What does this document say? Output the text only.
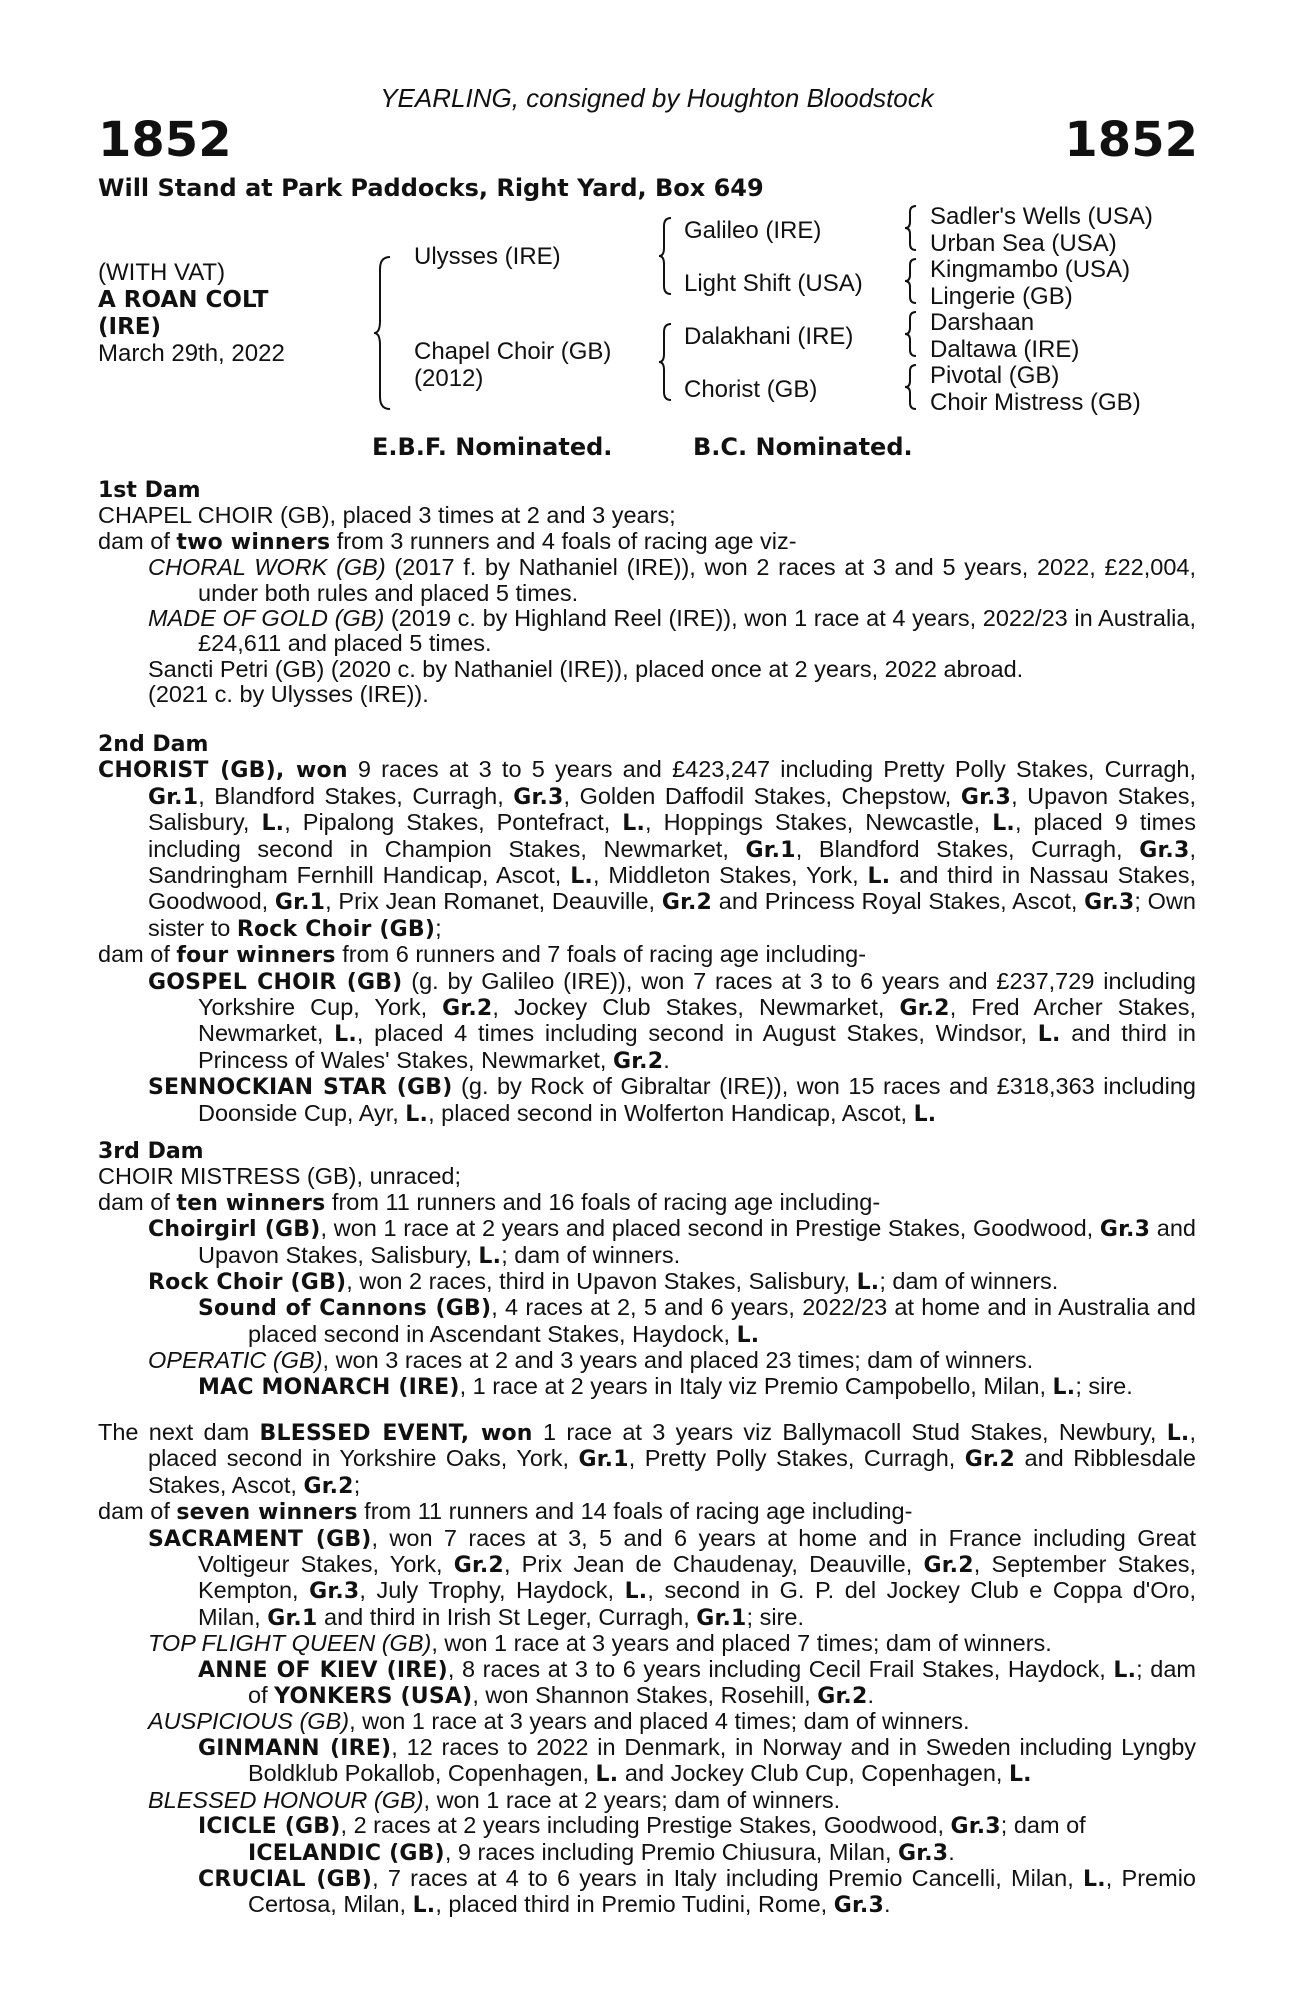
YEARLING, consigned by Houghton Bloodstock
1852	1852
Will Stand at Park Paddocks, Right Yard, Box 649
(WITH VAT)
A ROAN COLT
(IRE)
March 29th, 2022
Ulysses (IRE)
Chapel Choir (GB)
(2012)
Galileo (IRE)
Light Shift (USA)
Dalakhani (IRE)
Chorist (GB)
Sadler's Wells (USA)
Urban Sea (USA)
Kingmambo (USA)
Lingerie (GB)
Darshaan
Daltawa (IRE)
Pivotal (GB)
Choir Mistress (GB)
E.B.F. Nominated.	B.C. Nominated.
1st Dam

CHAPEL CHOIR (GB), placed 3 times at 2 and 3 years;

dam of two winners from 3 runners and 4 foals of racing age viz-

CHORAL WORK (GB) (2017 f. by Nathaniel (IRE)), won 2 races at 3 and 5 years, 2022, £22,004, under both rules and placed 5 times.

MADE OF GOLD (GB) (2019 c. by Highland Reel (IRE)), won 1 race at 4 years, 2022/23 in Australia, £24,611 and placed 5 times.

Sancti Petri (GB) (2020 c. by Nathaniel (IRE)), placed once at 2 years, 2022 abroad.

(2021 c. by Ulysses (IRE)).

2nd Dam

CHORIST (GB), won 9 races at 3 to 5 years and £423,247 including Pretty Polly Stakes, Curragh, Gr.1, Blandford Stakes, Curragh, Gr.3, Golden Daffodil Stakes, Chepstow, Gr.3, Upavon Stakes, Salisbury, L., Pipalong Stakes, Pontefract, L., Hoppings Stakes, Newcastle, L., placed 9 times including second in Champion Stakes, Newmarket, Gr.1, Blandford Stakes, Curragh, Gr.3, Sandringham Fernhill Handicap, Ascot, L., Middleton Stakes, York, L. and third in Nassau Stakes, Goodwood, Gr.1, Prix Jean Romanet, Deauville, Gr.2 and Princess Royal Stakes, Ascot, Gr.3; Own sister to Rock Choir (GB);

dam of four winners from 6 runners and 7 foals of racing age including-

GOSPEL CHOIR (GB) (g. by Galileo (IRE)), won 7 races at 3 to 6 years and £237,729 including Yorkshire Cup, York, Gr.2, Jockey Club Stakes, Newmarket, Gr.2, Fred Archer Stakes, Newmarket, L., placed 4 times including second in August Stakes, Windsor, L. and third in Princess of Wales' Stakes, Newmarket, Gr.2.

SENNOCKIAN STAR (GB) (g. by Rock of Gibraltar (IRE)), won 15 races and £318,363 including Doonside Cup, Ayr, L., placed second in Wolferton Handicap, Ascot, L.

3rd Dam

CHOIR MISTRESS (GB), unraced;

dam of ten winners from 11 runners and 16 foals of racing age including-

Choirgirl (GB), won 1 race at 2 years and placed second in Prestige Stakes, Goodwood, Gr.3 and Upavon Stakes, Salisbury, L.; dam of winners.

Rock Choir (GB), won 2 races, third in Upavon Stakes, Salisbury, L.; dam of winners.

Sound of Cannons (GB), 4 races at 2, 5 and 6 years, 2022/23 at home and in Australia and placed second in Ascendant Stakes, Haydock, L.

OPERATIC (GB), won 3 races at 2 and 3 years and placed 23 times; dam of winners.

MAC MONARCH (IRE), 1 race at 2 years in Italy viz Premio Campobello, Milan, L.; sire.

The next dam BLESSED EVENT, won 1 race at 3 years viz Ballymacoll Stud Stakes, Newbury, L., placed second in Yorkshire Oaks, York, Gr.1, Pretty Polly Stakes, Curragh, Gr.2 and Ribblesdale Stakes, Ascot, Gr.2;

dam of seven winners from 11 runners and 14 foals of racing age including-

SACRAMENT (GB), won 7 races at 3, 5 and 6 years at home and in France including Great Voltigeur Stakes, York, Gr.2, Prix Jean de Chaudenay, Deauville, Gr.2, September Stakes, Kempton, Gr.3, July Trophy, Haydock, L., second in G. P. del Jockey Club e Coppa d'Oro, Milan, Gr.1 and third in Irish St Leger, Curragh, Gr.1; sire.

TOP FLIGHT QUEEN (GB), won 1 race at 3 years and placed 7 times; dam of winners.

ANNE OF KIEV (IRE), 8 races at 3 to 6 years including Cecil Frail Stakes, Haydock, L.; dam of YONKERS (USA), won Shannon Stakes, Rosehill, Gr.2.

AUSPICIOUS (GB), won 1 race at 3 years and placed 4 times; dam of winners.

GINMANN (IRE), 12 races to 2022 in Denmark, in Norway and in Sweden including Lyngby Boldklub Pokallob, Copenhagen, L. and Jockey Club Cup, Copenhagen, L.

BLESSED HONOUR (GB), won 1 race at 2 years; dam of winners.

ICICLE (GB), 2 races at 2 years including Prestige Stakes, Goodwood, Gr.3; dam of

ICELANDIC (GB), 9 races including Premio Chiusura, Milan, Gr.3.

CRUCIAL (GB), 7 races at 4 to 6 years in Italy including Premio Cancelli, Milan, L., Premio Certosa, Milan, L., placed third in Premio Tudini, Rome, Gr.3.
